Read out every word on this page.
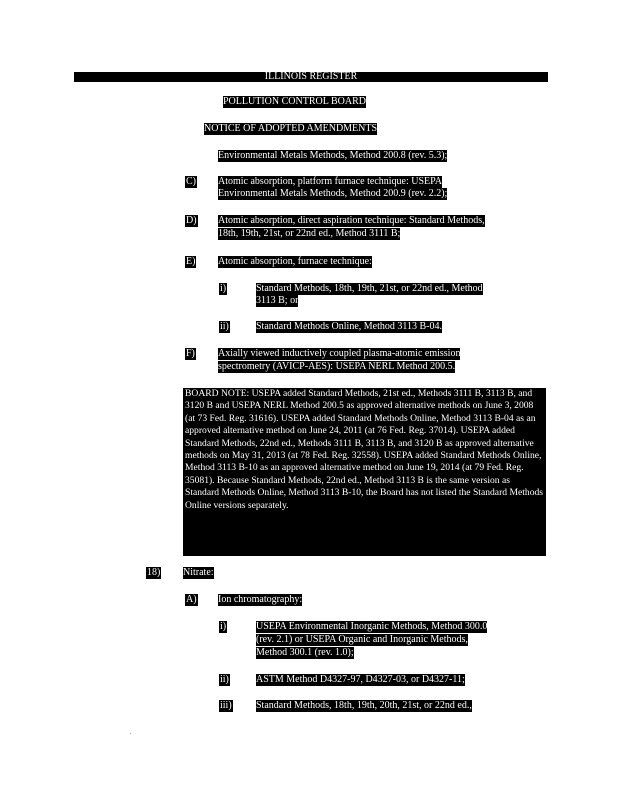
ILLINOIS REGISTER
POLLUTION CONTROL BOARD
NOTICE OF ADOPTED AMENDMENTS
Environmental Metals Methods, Method 200.8 (rev. 5.3);
C) Atomic absorption, platform furnace technique: USEPA
Environmental Metals Methods, Method 200.9 (rev. 2.2);
D) Atomic absorption, direct aspiration technique: Standard Methods,
18th, 19th, 21st, or 22nd ed., Method 3111 B;
E) Atomic absorption, furnace technique:
i)	Standard Methods, 18th, 19th, 21st, or 22nd ed., Method
3113 B; or
ii)	Standard Methods Online, Method 3113 B-04.
F) Axially viewed inductively coupled plasma-atomic emission
spectrometry (AVICP-AES): USEPA NERL Method 200.5.
BOARD NOTE: USEPA added Standard Methods, 21st ed., Methods 3111 B, 3113 B, and 3120 B and USEPA NERL Method 200.5 as approved alternative methods on June 3, 2008 (at 73 Fed. Reg. 31616). USEPA added Standard Methods Online, Method 3113 B-04 as an approved alternative method on June 24, 2011 (at 76 Fed. Reg. 37014). USEPA added Standard Methods, 22nd ed., Methods 3111 B, 3113 B, and 3120 B as approved alternative methods on May 31, 2013 (at 78 Fed. Reg. 32558). USEPA added Standard Methods Online, Method 3113 B-10 as an approved alternative method on June 19, 2014 (at 79 Fed. Reg. 35081). Because Standard Methods, 22nd ed., Method 3113 B is the same version as Standard Methods Online, Method 3113 B-10, the Board has not listed the Standard Methods Online versions separately.
18) Nitrate:
A) Ion chromatography:
i)	USEPA Environmental Inorganic Methods, Method 300.0
(rev. 2.1) or USEPA Organic and Inorganic Methods,
Method 300.1 (rev. 1.0);
ii)	ASTM Method D4327-97, D4327-03, or D4327-11;
iii) Standard Methods, 18th, 19th, 20th, 21st, or 22nd ed.,
